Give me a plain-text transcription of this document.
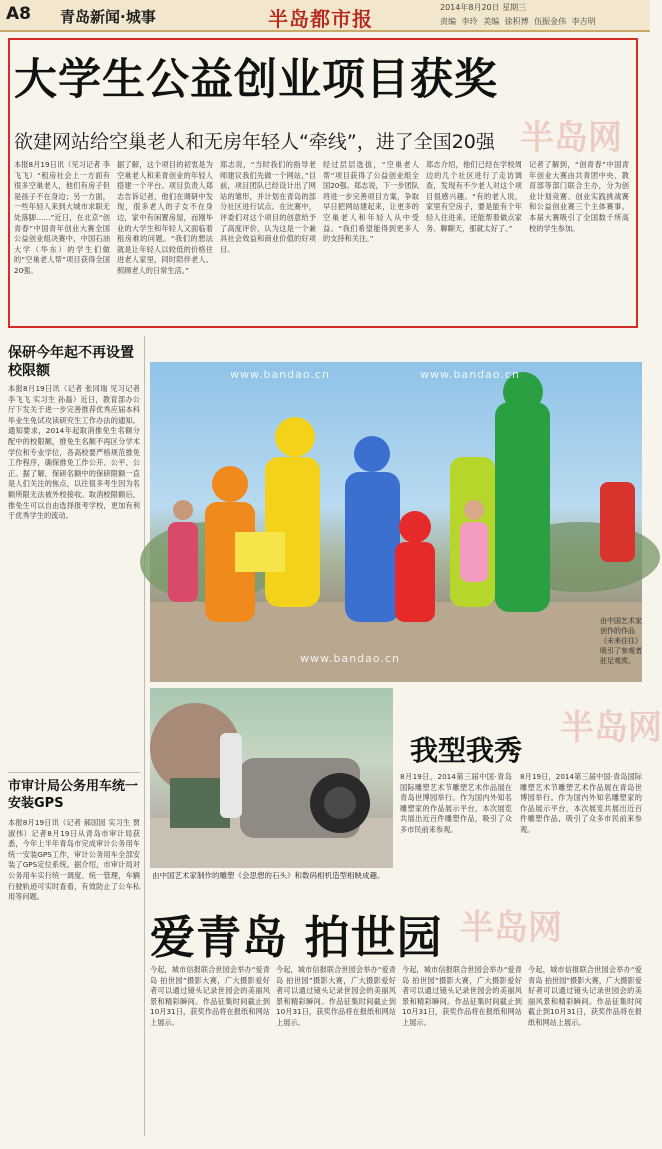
A8 青岛新闻·城事	半岛都市报	2014年8月20日 星期三
责编 李玲 美编 徐积博 伍振金伟 李吉明
大学生公益创业项目获奖
欲建网站给空巢老人和无房年轻人“牵线”，进了全国20强
本报8月19日讯（见习记者 李飞飞）“租房社会上一方面有很多空巢老人，他们有房子但是孩子不在身边；另一方面，一些年轻人来到大城市求职无处落脚……”近日，在北京“创青春”中国青年创业大赛全国公益创业组决赛中，中国石油大学（华东）的学生们做的“空巢老人帮”项目获得全国20强。
据了解，这个项目的初衷是为空巢老人和来青创业的年轻人搭建一个平台。项目负责人郑志告诉记者，他们在调研中发现，很多老人的子女不在身边，家中有闲置房屋，而刚毕业的大学生和年轻人又面临着租房难的问题。“我们的想法就是让年轻人以较低的价格住进老人家里，同时陪伴老人、照顾老人的日常生活。”
郑志说，“当时我们的指导老师建议我们先做一个网站，”目前，项目团队已经设计出了网站的雏形，并计划在青岛的部分社区进行试点。在比赛中，评委们对这个项目的创意给予了高度评价，认为这是一个兼具社会效益和商业价值的好项目。
经过层层选拔，“空巢老人帮”项目获得了公益创业组全国20强。郑志说，下一步团队将进一步完善项目方案，争取早日把网站建起来，让更多的空巢老人和年轻人从中受益。“我们希望能得到更多人的支持和关注。”
郑志介绍，他们已经在学校周边的几个社区进行了走访调查，发现有不少老人对这个项目很感兴趣。“有的老人说，家里有空房子，要是能有个年轻人住进来，还能帮着做点家务、聊聊天，那就太好了。”
记者了解到，“创青春”中国青年创业大赛由共青团中央、教育部等部门联合主办，分为创业计划竞赛、创业实践挑战赛和公益创业赛三个主体赛事。本届大赛吸引了全国数千所高校的学生参加。
保研今年起不再设置校限额
本报8月19日讯（记者 张同瑞 见习记者 李飞飞 实习生 孙磊）近日，教育部办公厅下发关于进一步完善推荐优秀应届本科毕业生免试攻读研究生工作办法的通知。通知要求，2014年起取消推免生名额分配中的校限额，推免生名额不再区分学术学位和专业学位，各高校要严格规范推免工作程序，确保推免工作公开、公平、公正。据了解，保研名额中的保研限额一直是人们关注的焦点，以往很多考生因为名额所限无法被外校接收。取消校限额后，推免生可以自由选择报考学校，更加有利于优秀学生的流动。
市审计局公务用车统一安装GPS
本报8月19日讯（记者 郝国园 实习生 贾淑伟）记者8月19日从青岛市审计局获悉，今年上半年青岛市完成审计公务用车统一安装GPS工作，审计公务用车全部安装了GPS定位系统。据介绍，市审计局对公务用车实行统一调度、统一管理，车辆行驶轨迹可实时查看，有效防止了公车私用等问题。
www.bandao.cn	www.bandao.cn
www.bandao.cn
由中国艺术家创作的作品《未来往往》吸引了参观者驻足观赏。
由中国艺术家制作的雕塑《会思想的石头》和数码相机造型相映成趣。
我型我秀
8月19日，2014第三届中国·青岛国际雕塑艺术节雕塑艺术作品展在青岛世博园举行。作为国内外知名雕塑家的作品展示平台，本次展览共展出近百件雕塑作品，吸引了众多市民前来参观。
8月19日，2014第三届中国·青岛国际雕塑艺术节雕塑艺术作品展在青岛世博园举行。作为国内外知名雕塑家的作品展示平台，本次展览共展出近百件雕塑作品，吸引了众多市民前来参观。
爱青岛 拍世园
今起，城市信报联合世园会举办“爱青岛 拍世园”摄影大赛，广大摄影爱好者可以通过镜头记录世园会的美丽风景和精彩瞬间。作品征集时间截止到10月31日，获奖作品将在报纸和网站上展示。
今起，城市信报联合世园会举办“爱青岛 拍世园”摄影大赛，广大摄影爱好者可以通过镜头记录世园会的美丽风景和精彩瞬间。作品征集时间截止到10月31日，获奖作品将在报纸和网站上展示。
今起，城市信报联合世园会举办“爱青岛 拍世园”摄影大赛，广大摄影爱好者可以通过镜头记录世园会的美丽风景和精彩瞬间。作品征集时间截止到10月31日，获奖作品将在报纸和网站上展示。
今起，城市信报联合世园会举办“爱青岛 拍世园”摄影大赛，广大摄影爱好者可以通过镜头记录世园会的美丽风景和精彩瞬间。作品征集时间截止到10月31日，获奖作品将在报纸和网站上展示。
半岛网
半岛网
半岛网
